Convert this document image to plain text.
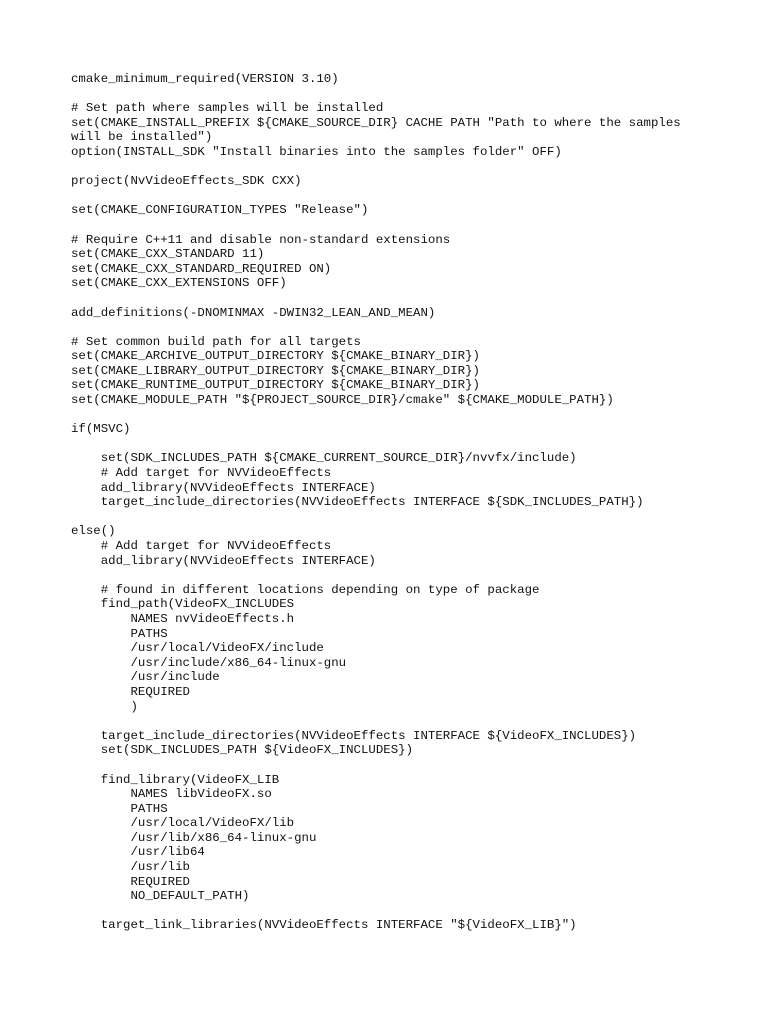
cmake_minimum_required(VERSION 3.10)
# Set path where samples will be installed
set(CMAKE_INSTALL_PREFIX ${CMAKE_SOURCE_DIR} CACHE PATH "Path to where the samples
will be installed")
option(INSTALL_SDK "Install binaries into the samples folder" OFF)
project(NvVideoEffects_SDK CXX)
set(CMAKE_CONFIGURATION_TYPES "Release")
# Require C++11 and disable non-standard extensions
set(CMAKE_CXX_STANDARD 11)
set(CMAKE_CXX_STANDARD_REQUIRED ON)
set(CMAKE_CXX_EXTENSIONS OFF)
add_definitions(-DNOMINMAX -DWIN32_LEAN_AND_MEAN)
# Set common build path for all targets
set(CMAKE_ARCHIVE_OUTPUT_DIRECTORY ${CMAKE_BINARY_DIR})
set(CMAKE_LIBRARY_OUTPUT_DIRECTORY ${CMAKE_BINARY_DIR})
set(CMAKE_RUNTIME_OUTPUT_DIRECTORY ${CMAKE_BINARY_DIR})
set(CMAKE_MODULE_PATH "${PROJECT_SOURCE_DIR}/cmake" ${CMAKE_MODULE_PATH})
if(MSVC)
set(SDK_INCLUDES_PATH ${CMAKE_CURRENT_SOURCE_DIR}/nvvfx/include)
# Add target for NVVideoEffects
add_library(NVVideoEffects INTERFACE)
target_include_directories(NVVideoEffects INTERFACE ${SDK_INCLUDES_PATH})
else()
# Add target for NVVideoEffects
add_library(NVVideoEffects INTERFACE)
# found in different locations depending on type of package
find_path(VideoFX_INCLUDES
NAMES nvVideoEffects.h
PATHS
/usr/local/VideoFX/include
/usr/include/x86_64-linux-gnu
/usr/include
REQUIRED
)
target_include_directories(NVVideoEffects INTERFACE ${VideoFX_INCLUDES})
set(SDK_INCLUDES_PATH ${VideoFX_INCLUDES})
find_library(VideoFX_LIB
NAMES libVideoFX.so
PATHS
/usr/local/VideoFX/lib
/usr/lib/x86_64-linux-gnu
/usr/lib64
/usr/lib
REQUIRED
NO_DEFAULT_PATH)
target_link_libraries(NVVideoEffects INTERFACE "${VideoFX_LIB}")
